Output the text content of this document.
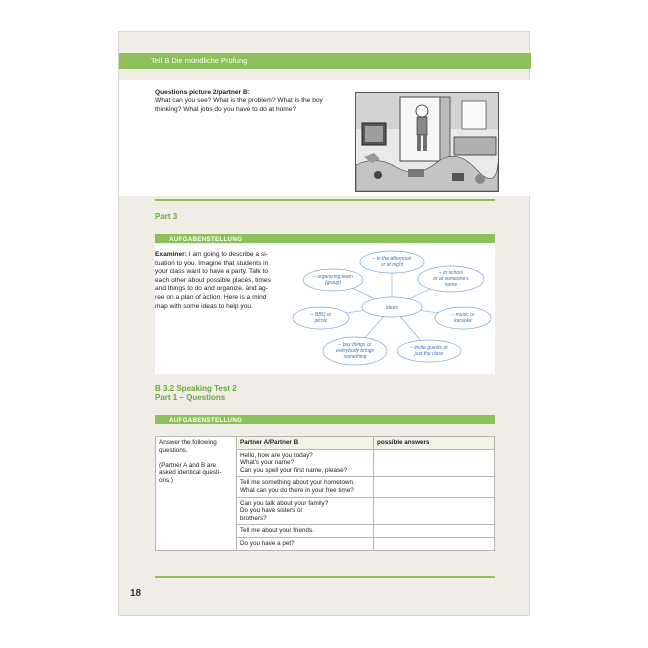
Teil B Die mündliche Prüfung
Questions picture 2/partner B:
What can you see? What is the problem? What is the boy thinking? What jobs do you have to do at home?
Part 3
AUFGABENSTELLUNG
Examiner: I am going to describe a si-
tuation to you. Imagine that students in
your class want to have a party. Talk to
each other about possible places, times
and things to do and organize, and ag-
ree on a plan of action. Here is a mind
map with some ideas to help you.	ideas
– in the afternoon
or at night
– organizing team
(group)
– in school
or at someone's
home
– BBQ or
picnic
– music or
karaoke
– buy things or
everybody brings
something
– invite guests or
just the class
B 3.2 Speaking Test 2
Part 1 – Questions
AUFGABENSTELLUNG
Answer the following
questions.

(Partner A and B are
asked identical questi-
ons.)	Partner A/Partner B	possible answers
	Hello, how are you today?
What's your name?
Can you spell your first name, please?	
	Tell me something about your hometown.
What can you do there in your free time?	
	Can you talk about your family?
Do you have sisters or
brothers?	
	Tell me about your friends.	
	Do you have a pet?	
18
